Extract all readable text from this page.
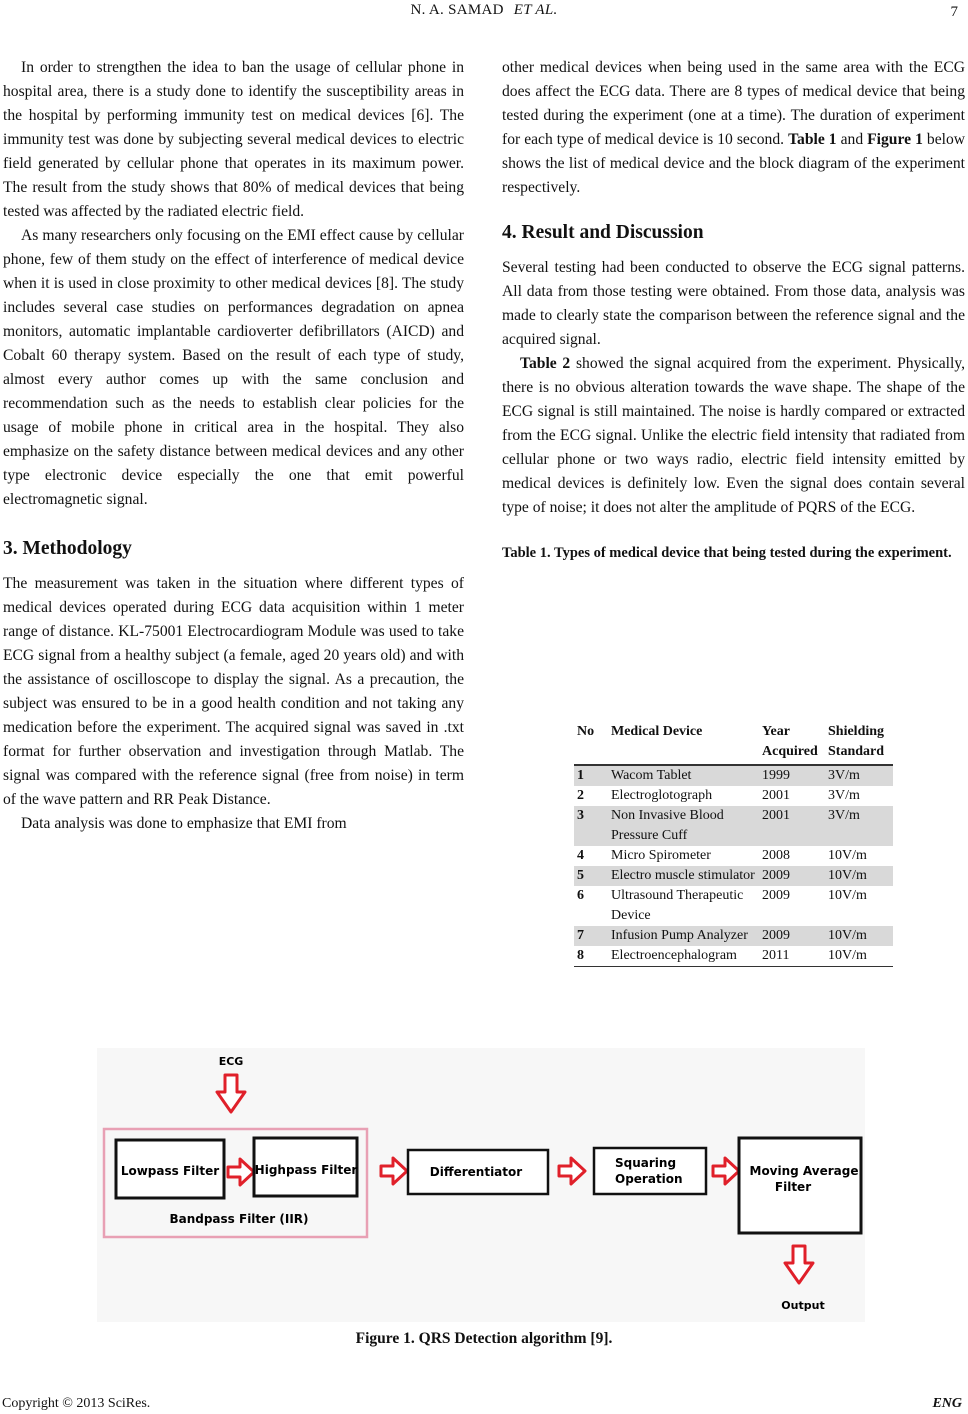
N. A. SAMAD ET AL.	7

In order to strengthen the idea to ban the usage of cellular phone in hospital area, there is a study done to identify the susceptibility areas in the hospital by performing immunity test on medical devices [6]. The immunity test was done by subjecting several medical devices to electric field generated by cellular phone that operates in its maximum power. The result from the study shows that 80% of medical devices that being tested was affected by the radiated electric field.

As many researchers only focusing on the EMI effect cause by cellular phone, few of them study on the effect of interference of medical device when it is used in close proximity to other medical devices [8]. The study includes several case studies on performances degradation on apnea monitors, automatic implantable cardioverter defibrillators (AICD) and Cobalt 60 therapy system. Based on the result of each type of study, almost every author comes up with the same conclusion and recommendation such as the needs to establish clear policies for the usage of mobile phone in critical area in the hospital. They also emphasize on the safety distance between medical devices and any other type electronic device especially the one that emit powerful electromagnetic signal.

3. Methodology

The measurement was taken in the situation where different types of medical devices operated during ECG data acquisition within 1 meter range of distance. KL-75001 Electrocardiogram Module was used to take ECG signal from a healthy subject (a female, aged 20 years old) and with the assistance of oscilloscope to display the signal. As a precaution, the subject was ensured to be in a good health condition and not taking any medication before the experiment. The acquired signal was saved in .txt format for further observation and investigation through Matlab. The signal was compared with the reference signal (free from noise) in term of the wave pattern and RR Peak Distance.

Data analysis was done to emphasize that EMI from

other medical devices when being used in the same area with the ECG does affect the ECG data. There are 8 types of medical device that being tested during the experiment (one at a time). The duration of experiment for each type of medical device is 10 second. Table 1 and Figure 1 below shows the list of medical device and the block diagram of the experiment respectively.

4. Result and Discussion

Several testing had been conducted to observe the ECG signal patterns. All data from those testing were obtained. From those data, analysis was made to clearly state the comparison between the reference signal and the acquired signal.

Table 2 showed the signal acquired from the experiment. Physically, there is no obvious alteration towards the wave shape. The shape of the ECG signal is still maintained. The noise is hardly compared or extracted from the ECG signal. Unlike the electric field intensity that radiated from cellular phone or two ways radio, electric field intensity emitted by medical devices is definitely low. Even the signal does contain several type of noise; it does not alter the amplitude of PQRS of the ECG.

Table 1. Types of medical device that being tested during the experiment.

No	Medical Device	Year Acquired	Shielding Standard
1	Wacom Tablet	1999	3V/m
2	Electroglotograph	2001	3V/m
3	Non Invasive Blood Pressure Cuff	2001	3V/m
4	Micro Spirometer	2008	10V/m
5	Electro muscle stimulator	2009	10V/m
6	Ultrasound Therapeutic Device	2009	10V/m
7	Infusion Pump Analyzer	2009	10V/m
8	Electroencephalogram	2011	10V/m
ECG
Lowpass Filter	Highpass Filter
Bandpass Filter (IIR)
Differentiator
Squaring
Operation
Moving Average
Filter
Output
Figure 1. QRS Detection algorithm [9].
Copyright © 2013 SciRes.	ENG
